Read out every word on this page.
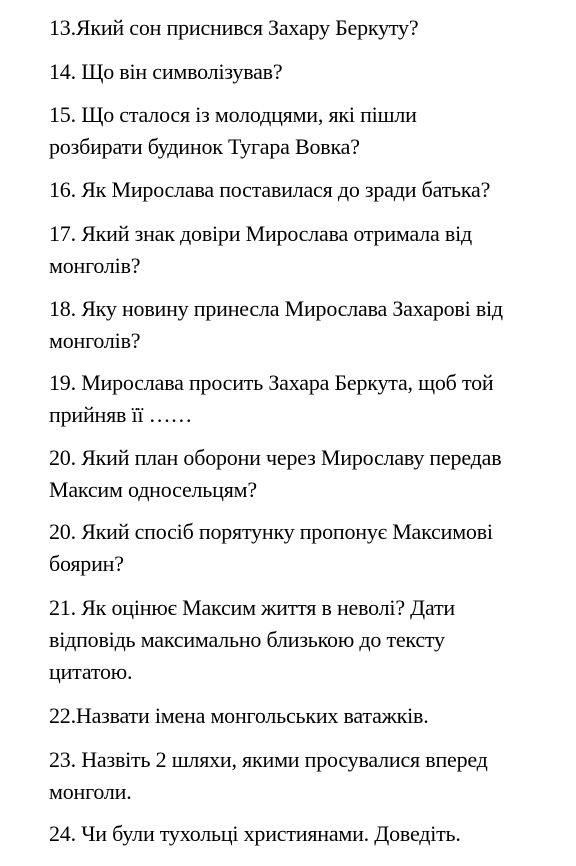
13.Який сон приснився Захару Беркуту?
14. Що він символізував?
15. Що сталося із молодцями, які пішли
розбирати будинок Тугара Вовка?
16. Як Мирослава поставилася до зради батька?
17. Який знак довіри Мирослава отримала від
монголів?
18. Яку новину принесла Мирослава Захарові від
монголів?
19. Мирослава просить Захара Беркута, щоб той
прийняв її ……
20. Який план оборони через Мирославу передав
Максим односельцям?
20. Який спосіб порятунку пропонує Максимові
боярин?
21. Як оцінює Максим життя в неволі? Дати
відповідь максимально близькою до тексту
цитатою.
22.Назвати імена монгольських ватажків.
23. Назвіть 2 шляхи, якими просувалися вперед
монголи.
24. Чи були тухольці християнами. Доведіть.
